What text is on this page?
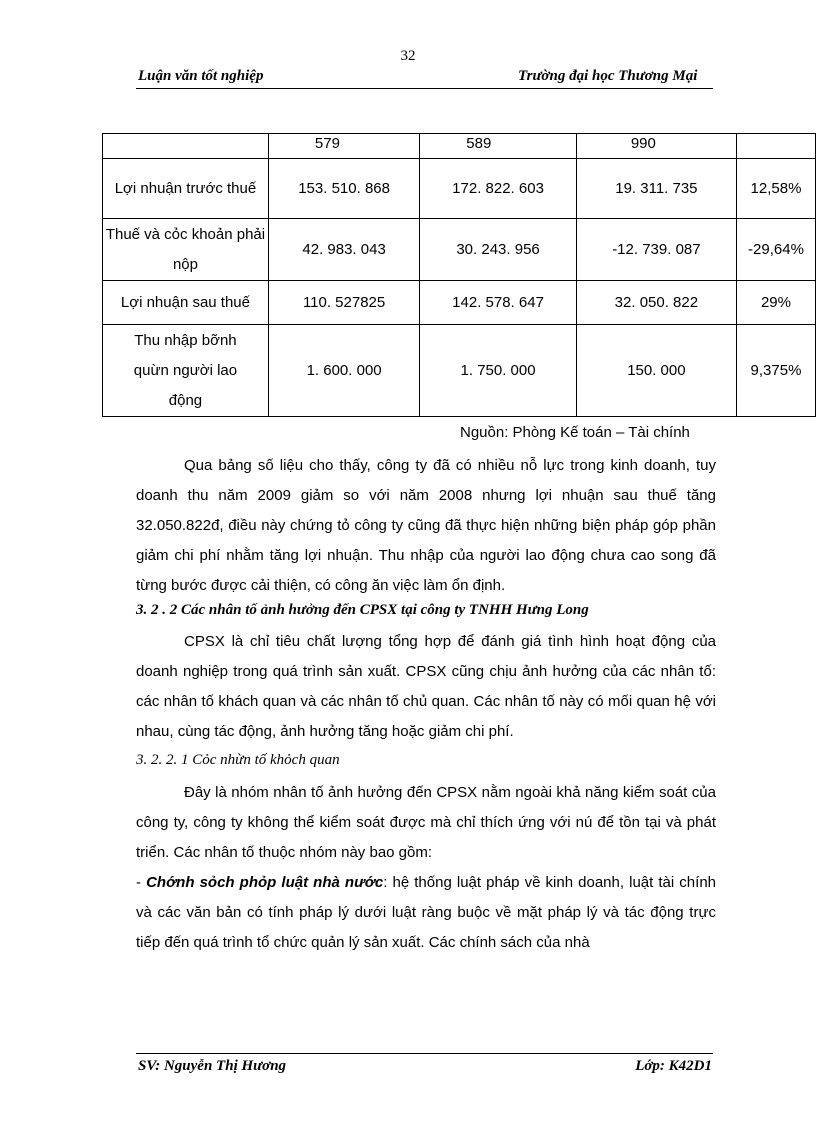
32
Luận văn tốt nghiệp	Trường đại học Thương Mại
	579	589	990	
Lợi nhuận trước thuế	153. 510. 868	172. 822. 603	19. 311. 735	12,58%
Thuế và cỏc khoản phải nộp	42. 983. 043	30. 243. 956	-12. 739. 087	-29,64%
Lợi nhuận sau thuế	110. 527825	142. 578. 647	32. 050. 822	29%
Thu nhập bỡnh quừn người lao động	1. 600. 000	1. 750. 000	150. 000	9,375%
Nguồn: Phòng Kế toán – Tài chính

Qua bảng số liệu cho thấy, công ty đã có nhiều nỗ lực trong kinh doanh, tuy doanh thu năm 2009 giảm so với năm 2008 nhưng lợi nhuận sau thuế tăng 32.050.822đ, điều này chứng tỏ công ty cũng đã thực hiện những biện pháp góp phần giảm chi phí nhằm tăng lợi nhuận. Thu nhập của người lao động chưa cao song đã từng bước được cải thiện, có công ăn việc làm ổn định.

3. 2 . 2 Các nhân tố ảnh hưởng đến CPSX tại công ty TNHH Hưng Long

CPSX là chỉ tiêu chất lượng tổng hợp để đánh giá tình hình hoạt động của doanh nghiệp trong quá trình sản xuất. CPSX cũng chịu ảnh hưởng của các nhân tố: các nhân tố khách quan và các nhân tố chủ quan. Các nhân tố này có mối quan hệ với nhau, cùng tác động, ảnh hưởng tăng hoặc giảm chi phí.

3. 2. 2. 1 Cỏc nhừn tố khỏch quan

Đây là nhóm nhân tố ảnh hưởng đến CPSX nằm ngoài khả năng kiểm soát của công ty, công ty không thể kiểm soát được mà chỉ thích ứng với nú để tồn tại và phát triển. Các nhân tố thuộc nhóm này bao gồm:

- Chớnh sỏch phỏp luật nhà nước: hệ thống luật pháp về kinh doanh, luật tài chính và các văn bản có tính pháp lý dưới luật ràng buộc về mặt pháp lý và tác động trực tiếp đến quá trình tổ chức quản lý sản xuất. Các chính sách của nhà

SV: Nguyễn Thị Hương	Lớp: K42D1
